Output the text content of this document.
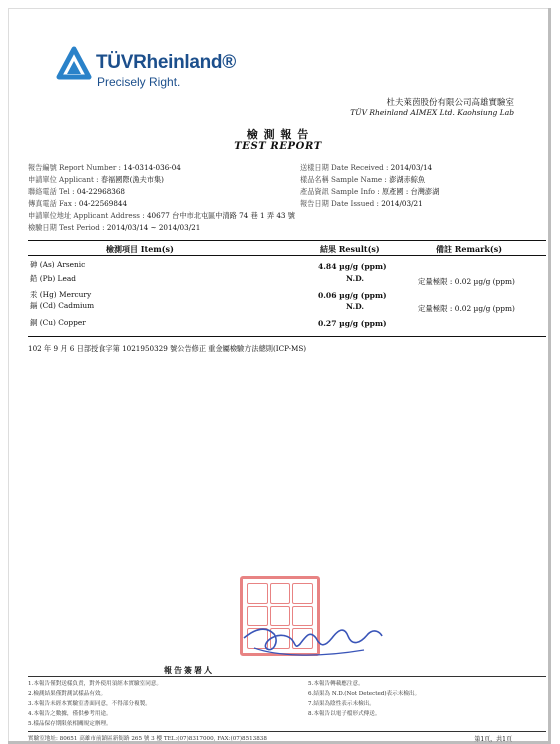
TÜVRheinland®
Precisely Right.
杜夫萊茵股份有限公司高雄實驗室
TÜV Rheinland AIMEX Ltd. Kaohsiung Lab
檢 測 報 告
TEST REPORT
報告編號 Report Number : 14-0314-036-04
申請單位 Applicant : 春福國際(漁夫市集)
聯絡電話 Tel : 04-22968368
傳真電話 Fax : 04-22569844
申請單位地址 Applicant Address : 40677 台中市北屯區中清路 74 巷 1 弄 43 號
檢驗日期 Test Period : 2014/03/14 ~ 2014/03/21
送樣日期 Date Received : 2014/03/14
樣品名稱 Sample Name : 澎湖赤鯮魚
產品資訊 Sample Info : 原產國 : 台灣澎湖
報告日期 Date Issued : 2014/03/21
檢測項目 Item(s)	結果 Result(s)	備註 Remark(s)
砷 (As) Arsenic	4.84 µg/g (ppm)
鉛 (Pb) Lead	N.D.	定量極限 : 0.02 µg/g (ppm)
汞 (Hg) Mercury	0.06 µg/g (ppm)
鎘 (Cd) Cadmium	N.D.	定量極限 : 0.02 µg/g (ppm)
銅 (Cu) Copper	0.27 µg/g (ppm)
102 年 9 月 6 日部授食字第 1021950329 號公告修正 重金屬檢驗方法總則(ICP-MS)
報告簽署人
1.本報告僅對送樣負責，對外使用須經本實驗室同意。
2.檢測結果僅對測試樣品有效。
3.本報告未經本實驗室書面同意，不得部分複製。
4.本報告之數據，僅供參考用途。
5.樣品保存期限依相關規定辦理。
5.本報告轉載應注意。
6.結果為 N.D.(Not Detected)表示未檢出。
7.結果為陰性表示未檢出。
8.本報告以電子檔形式傳送。
實驗室地址: 80651 高雄市前鎮區新衙路 265 號 3 樓 TEL:(07)8317000, FAX:(07)8513838	第1頁，共1頁
